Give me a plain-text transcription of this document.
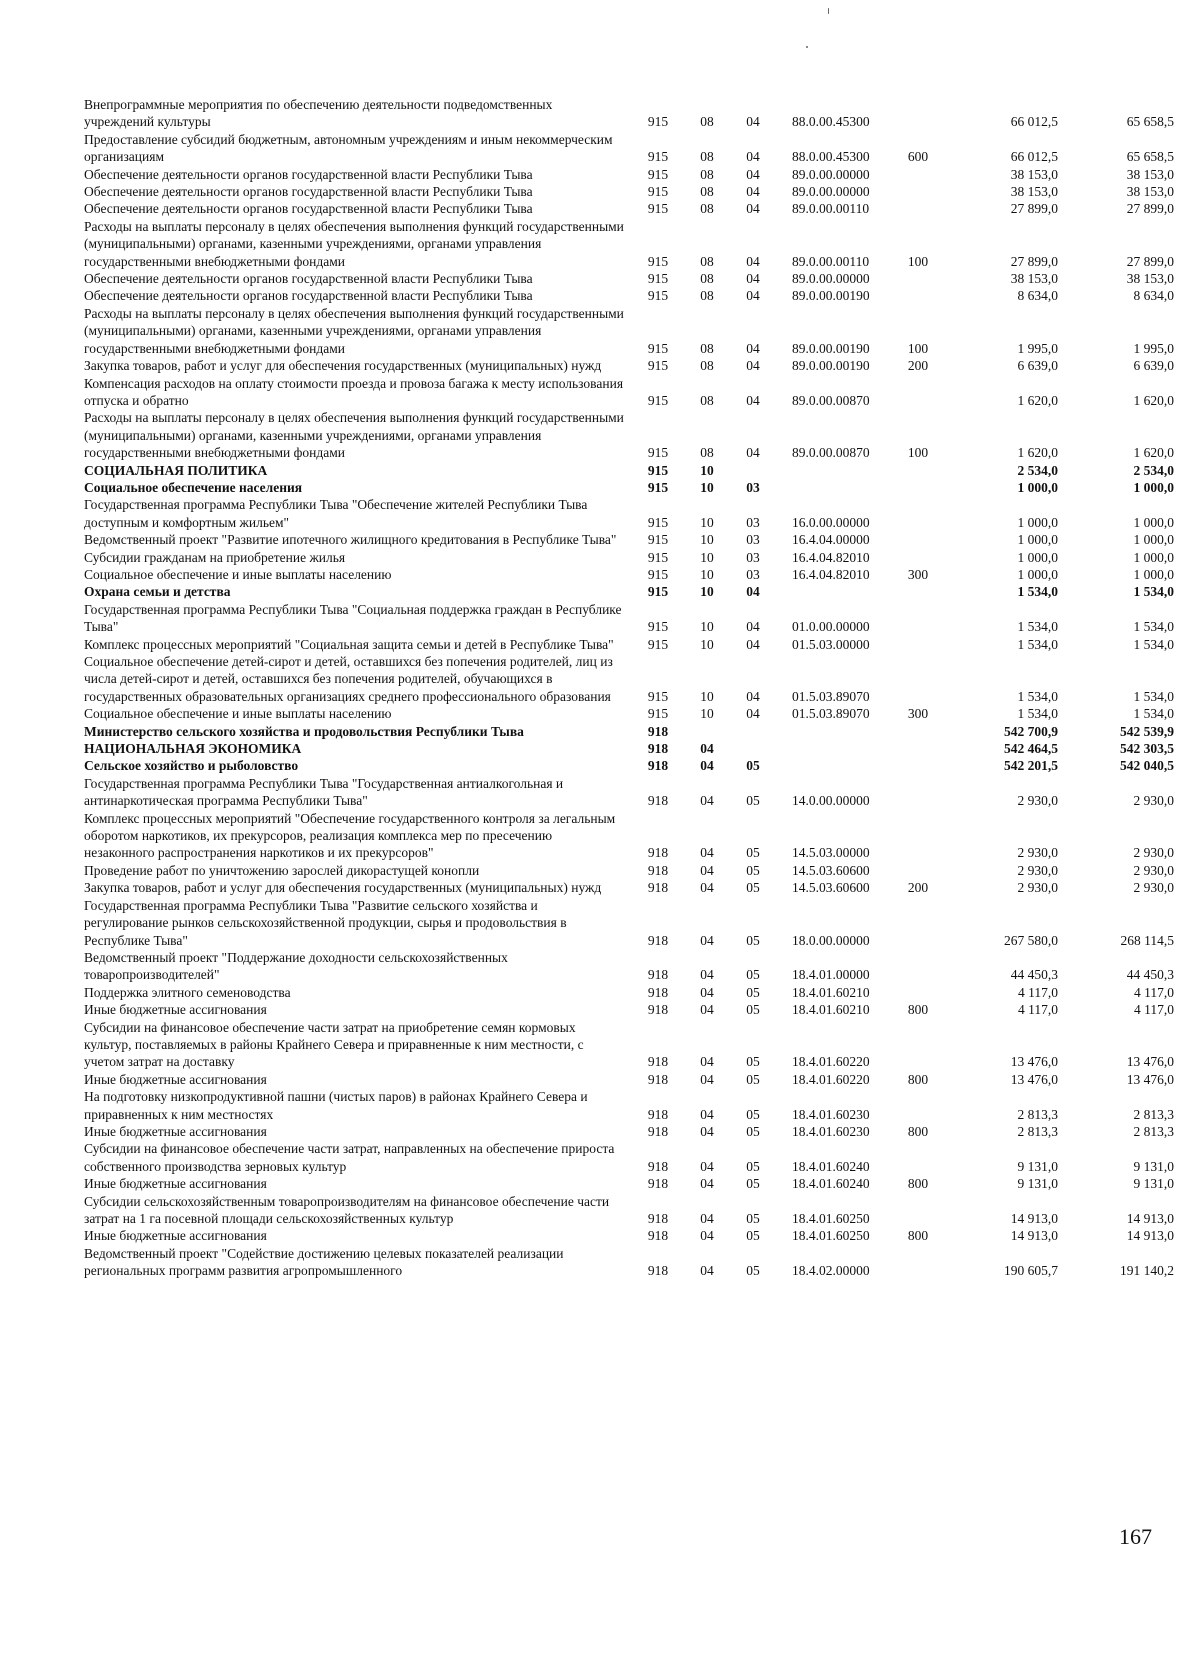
Внепрограммные мероприятия по обеспечению деятельности подведомственных учреждений культуры	915	08	04	88.0.00.45300		66 012,5	65 658,5
Предоставление субсидий бюджетным, автономным учреждениям и иным некоммерческим организациям	915	08	04	88.0.00.45300	600	66 012,5	65 658,5
Обеспечение деятельности органов государственной власти Республики Тыва	915	08	04	89.0.00.00000		38 153,0	38 153,0
Обеспечение деятельности органов государственной власти Республики Тыва	915	08	04	89.0.00.00000		38 153,0	38 153,0
Обеспечение деятельности органов государственной власти Республики Тыва	915	08	04	89.0.00.00110		27 899,0	27 899,0
Расходы на выплаты персоналу в целях обеспечения выполнения функций государственными (муниципальными) органами, казенными учреждениями, органами управления государственными внебюджетными фондами	915	08	04	89.0.00.00110	100	27 899,0	27 899,0
Обеспечение деятельности органов государственной власти Республики Тыва	915	08	04	89.0.00.00000		38 153,0	38 153,0
Обеспечение деятельности органов государственной власти Республики Тыва	915	08	04	89.0.00.00190		8 634,0	8 634,0
Расходы на выплаты персоналу в целях обеспечения выполнения функций государственными (муниципальными) органами, казенными учреждениями, органами управления государственными внебюджетными фондами	915	08	04	89.0.00.00190	100	1 995,0	1 995,0
Закупка товаров, работ и услуг для обеспечения государственных (муниципальных) нужд	915	08	04	89.0.00.00190	200	6 639,0	6 639,0
Компенсация расходов на оплату стоимости проезда и провоза багажа к месту использования отпуска и обратно	915	08	04	89.0.00.00870		1 620,0	1 620,0
Расходы на выплаты персоналу в целях обеспечения выполнения функций государственными (муниципальными) органами, казенными учреждениями, органами управления государственными внебюджетными фондами	915	08	04	89.0.00.00870	100	1 620,0	1 620,0
СОЦИАЛЬНАЯ ПОЛИТИКА	915	10				2 534,0	2 534,0
Социальное обеспечение населения	915	10	03			1 000,0	1 000,0
Государственная программа Республики Тыва "Обеспечение жителей Республики Тыва доступным и комфортным жильем"	915	10	03	16.0.00.00000		1 000,0	1 000,0
Ведомственный проект "Развитие ипотечного жилищного кредитования в Республике Тыва"	915	10	03	16.4.04.00000		1 000,0	1 000,0
Субсидии гражданам на приобретение жилья	915	10	03	16.4.04.82010		1 000,0	1 000,0
Социальное обеспечение и иные выплаты населению	915	10	03	16.4.04.82010	300	1 000,0	1 000,0
Охрана семьи и детства	915	10	04			1 534,0	1 534,0
Государственная программа Республики Тыва "Социальная поддержка граждан в Республике Тыва"	915	10	04	01.0.00.00000		1 534,0	1 534,0
Комплекс процессных мероприятий "Социальная защита семьи и детей в Республике Тыва"	915	10	04	01.5.03.00000		1 534,0	1 534,0
Социальное обеспечение детей-сирот и детей, оставшихся без попечения родителей, лиц из числа детей-сирот и детей, оставшихся без попечения родителей, обучающихся в государственных образовательных организациях среднего профессионального образования	915	10	04	01.5.03.89070		1 534,0	1 534,0
Социальное обеспечение и иные выплаты населению	915	10	04	01.5.03.89070	300	1 534,0	1 534,0
Министерство сельского хозяйства и продовольствия Республики Тыва	918					542 700,9	542 539,9
НАЦИОНАЛЬНАЯ ЭКОНОМИКА	918	04				542 464,5	542 303,5
Сельское хозяйство и рыболовство	918	04	05			542 201,5	542 040,5
Государственная программа Республики Тыва "Государственная антиалкогольная и антинаркотическая программа Республики Тыва"	918	04	05	14.0.00.00000		2 930,0	2 930,0
Комплекс процессных мероприятий "Обеспечение государственного контроля за легальным оборотом наркотиков, их прекурсоров, реализация комплекса мер по пресечению незаконного распространения наркотиков и их прекурсоров"	918	04	05	14.5.03.00000		2 930,0	2 930,0
Проведение работ по уничтожению зарослей дикорастущей конопли	918	04	05	14.5.03.60600		2 930,0	2 930,0
Закупка товаров, работ и услуг для обеспечения государственных (муниципальных) нужд	918	04	05	14.5.03.60600	200	2 930,0	2 930,0
Государственная программа Республики Тыва "Развитие сельского хозяйства и регулирование рынков сельскохозяйственной продукции, сырья и продовольствия в Республике Тыва"	918	04	05	18.0.00.00000		267 580,0	268 114,5
Ведомственный проект "Поддержание доходности сельскохозяйственных товаропроизводителей"	918	04	05	18.4.01.00000		44 450,3	44 450,3
Поддержка элитного семеноводства	918	04	05	18.4.01.60210		4 117,0	4 117,0
Иные бюджетные ассигнования	918	04	05	18.4.01.60210	800	4 117,0	4 117,0
Субсидии на финансовое обеспечение части затрат на приобретение семян кормовых культур, поставляемых в районы Крайнего Севера и приравненные к ним местности, с учетом затрат на доставку	918	04	05	18.4.01.60220		13 476,0	13 476,0
Иные бюджетные ассигнования	918	04	05	18.4.01.60220	800	13 476,0	13 476,0
На подготовку низкопродуктивной пашни (чистых паров) в районах Крайнего Севера и приравненных к ним местностях	918	04	05	18.4.01.60230		2 813,3	2 813,3
Иные бюджетные ассигнования	918	04	05	18.4.01.60230	800	2 813,3	2 813,3
Субсидии на финансовое обеспечение части затрат, направленных на обеспечение прироста собственного производства зерновых культур	918	04	05	18.4.01.60240		9 131,0	9 131,0
Иные бюджетные ассигнования	918	04	05	18.4.01.60240	800	9 131,0	9 131,0
Субсидии сельскохозяйственным товаропроизводителям на финансовое обеспечение части затрат на 1 га посевной площади сельскохозяйственных культур	918	04	05	18.4.01.60250		14 913,0	14 913,0
Иные бюджетные ассигнования	918	04	05	18.4.01.60250	800	14 913,0	14 913,0
Ведомственный проект "Содействие достижению целевых показателей реализации региональных программ развития агропромышленного	918	04	05	18.4.02.00000		190 605,7	191 140,2
167
